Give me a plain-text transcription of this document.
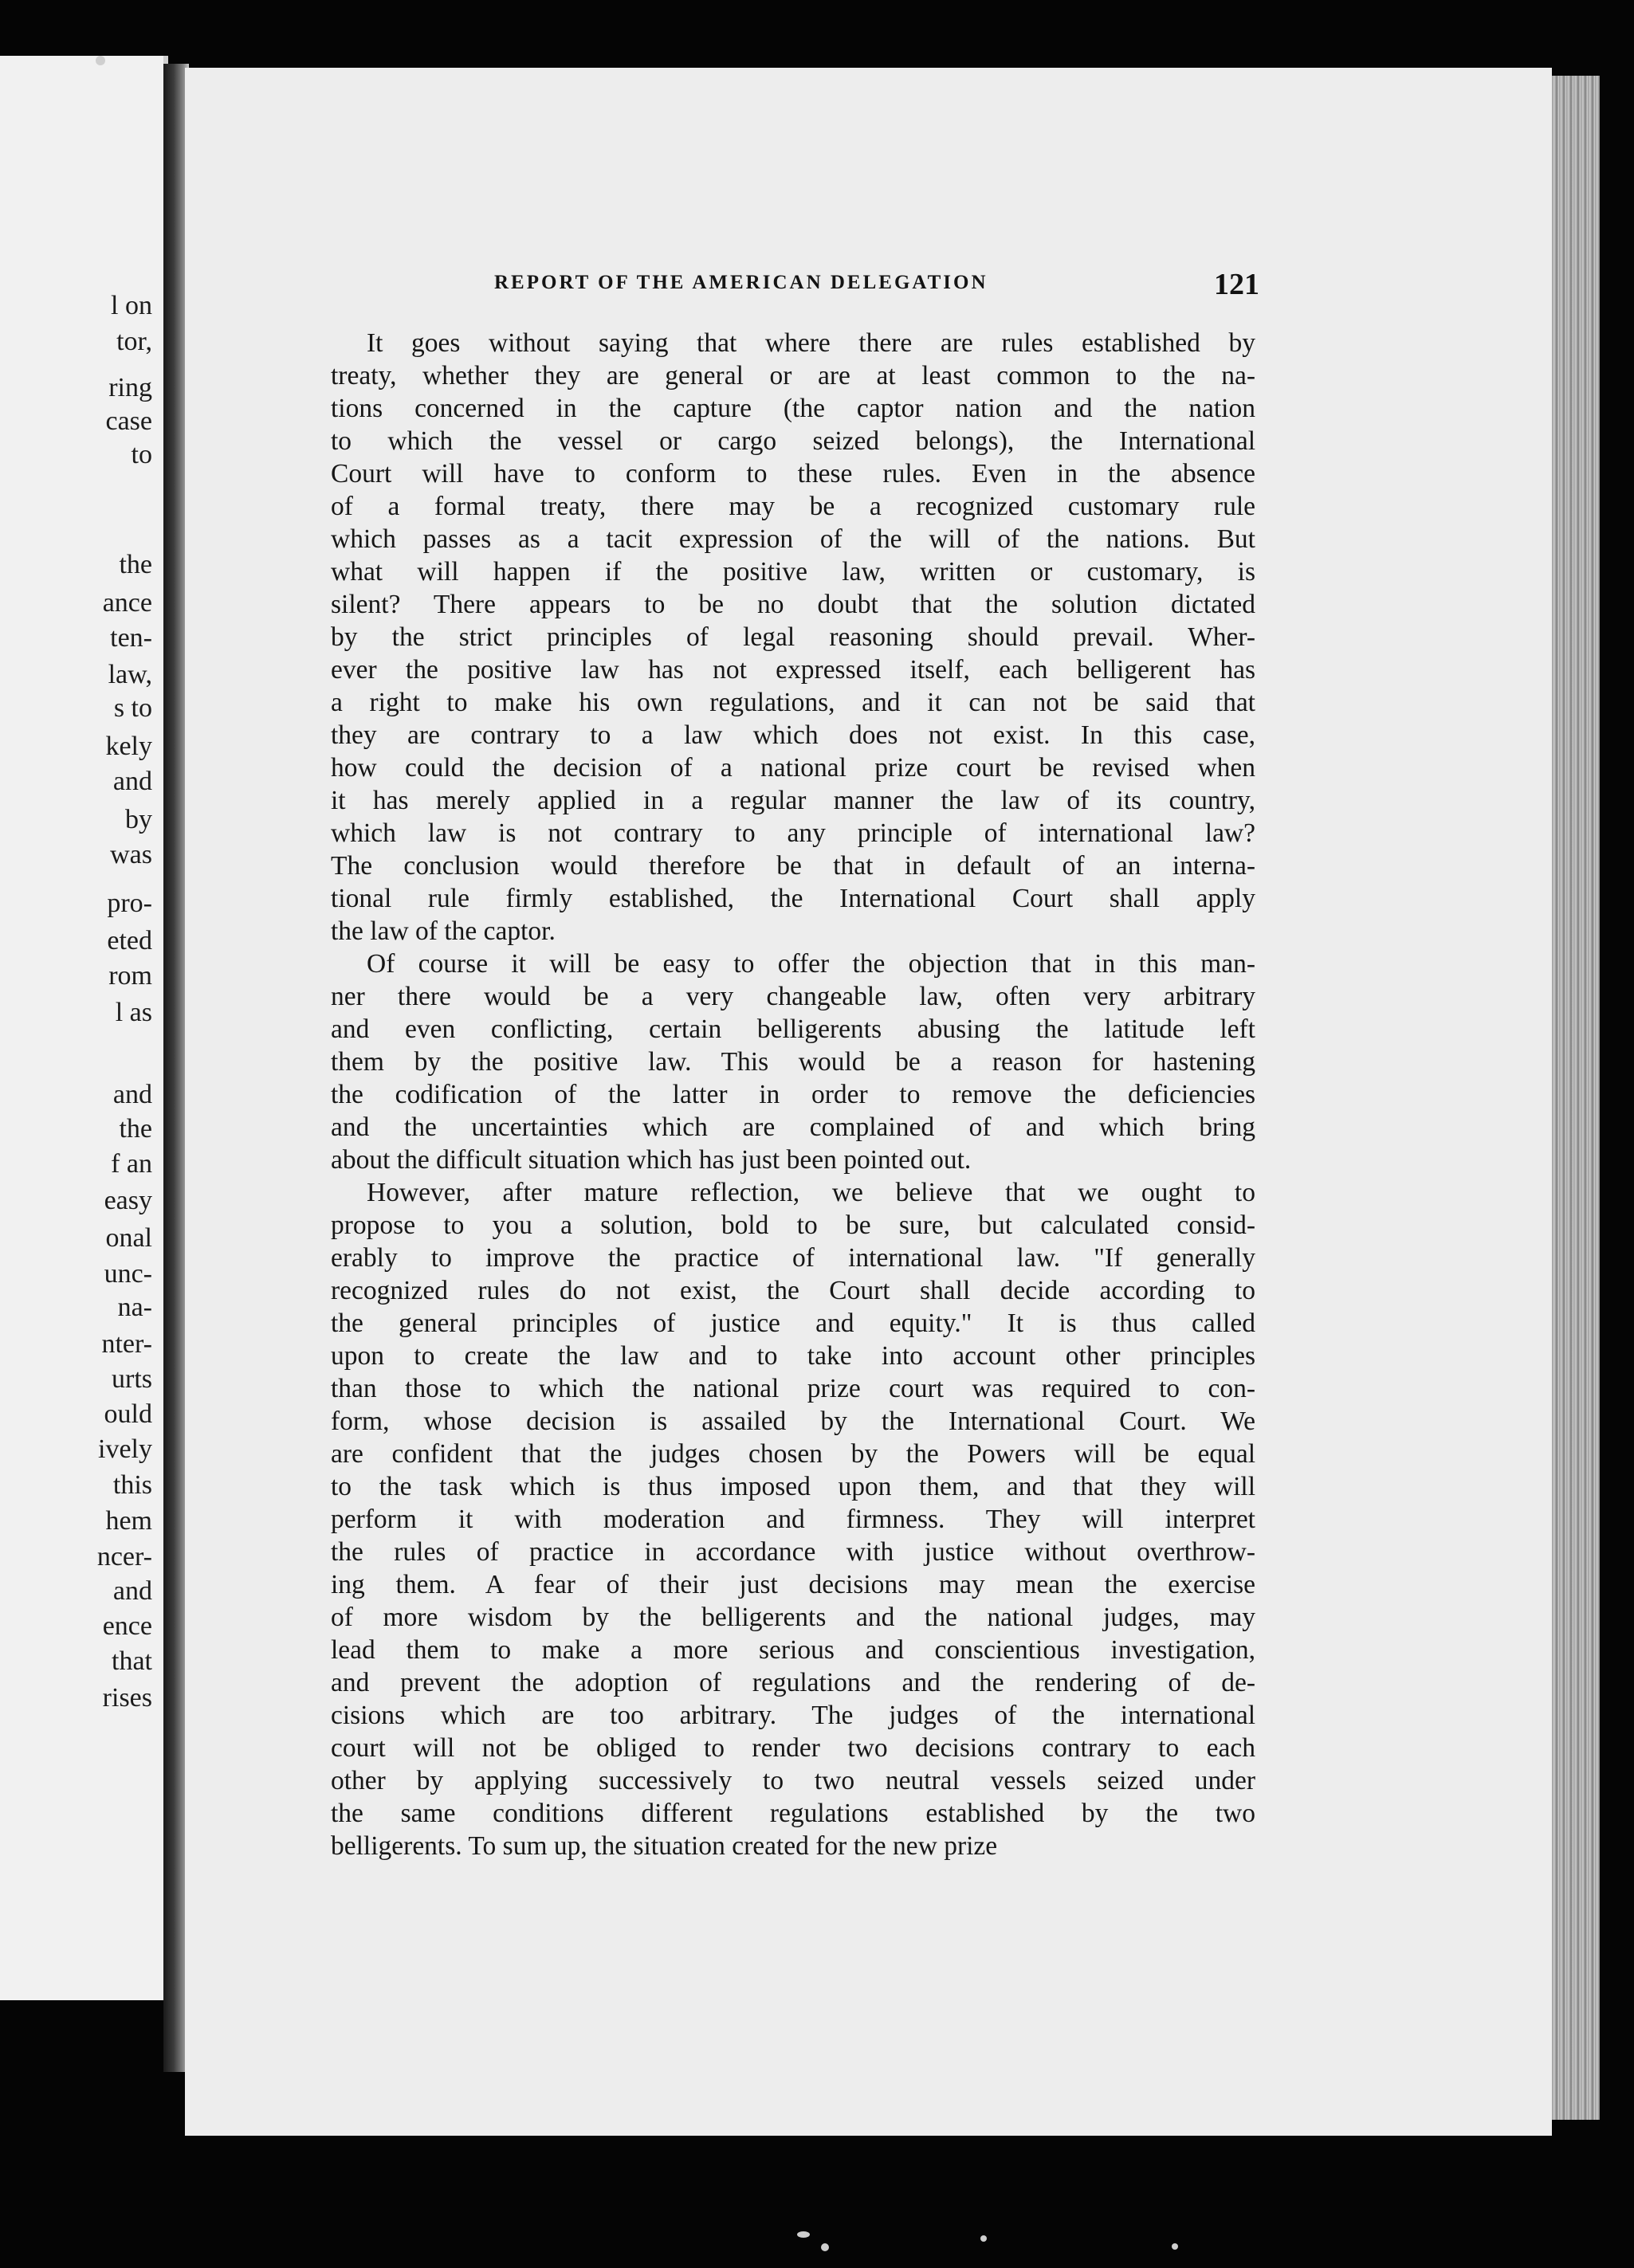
l on
tor,
ring
case
to
the
ance
ten-
law,
s to
kely
and
by
was
pro-
eted
rom
l as
and
the
f an
easy
onal
unc-
na-
nter-
urts
ould
ively
this
hem
ncer-
and
ence
that
rises
REPORT OF THE AMERICAN DELEGATION	121
It goes without saying that where there are rules established by
treaty, whether they are general or are at least common to the na-
tions concerned in the capture (the captor nation and the nation
to which the vessel or cargo seized belongs), the International
Court will have to conform to these rules. Even in the absence
of a formal treaty, there may be a recognized customary rule
which passes as a tacit expression of the will of the nations. But
what will happen if the positive law, written or customary, is
silent? There appears to be no doubt that the solution dictated
by the strict principles of legal reasoning should prevail. Wher-
ever the positive law has not expressed itself, each belligerent has
a right to make his own regulations, and it can not be said that
they are contrary to a law which does not exist. In this case,
how could the decision of a national prize court be revised when
it has merely applied in a regular manner the law of its country,
which law is not contrary to any principle of international law?
The conclusion would therefore be that in default of an interna-
tional rule firmly established, the International Court shall apply
the law of the captor.
Of course it will be easy to offer the objection that in this man-
ner there would be a very changeable law, often very arbitrary
and even conflicting, certain belligerents abusing the latitude left
them by the positive law. This would be a reason for hastening
the codification of the latter in order to remove the deficiencies
and the uncertainties which are complained of and which bring
about the difficult situation which has just been pointed out.
However, after mature reflection, we believe that we ought to
propose to you a solution, bold to be sure, but calculated consid-
erably to improve the practice of international law. "If generally
recognized rules do not exist, the Court shall decide according to
the general principles of justice and equity." It is thus called
upon to create the law and to take into account other principles
than those to which the national prize court was required to con-
form, whose decision is assailed by the International Court. We
are confident that the judges chosen by the Powers will be equal
to the task which is thus imposed upon them, and that they will
perform it with moderation and firmness. They will interpret
the rules of practice in accordance with justice without overthrow-
ing them. A fear of their just decisions may mean the exercise
of more wisdom by the belligerents and the national judges, may
lead them to make a more serious and conscientious investigation,
and prevent the adoption of regulations and the rendering of de-
cisions which are too arbitrary. The judges of the international
court will not be obliged to render two decisions contrary to each
other by applying successively to two neutral vessels seized under
the same conditions different regulations established by the two
belligerents. To sum up, the situation created for the new prize
